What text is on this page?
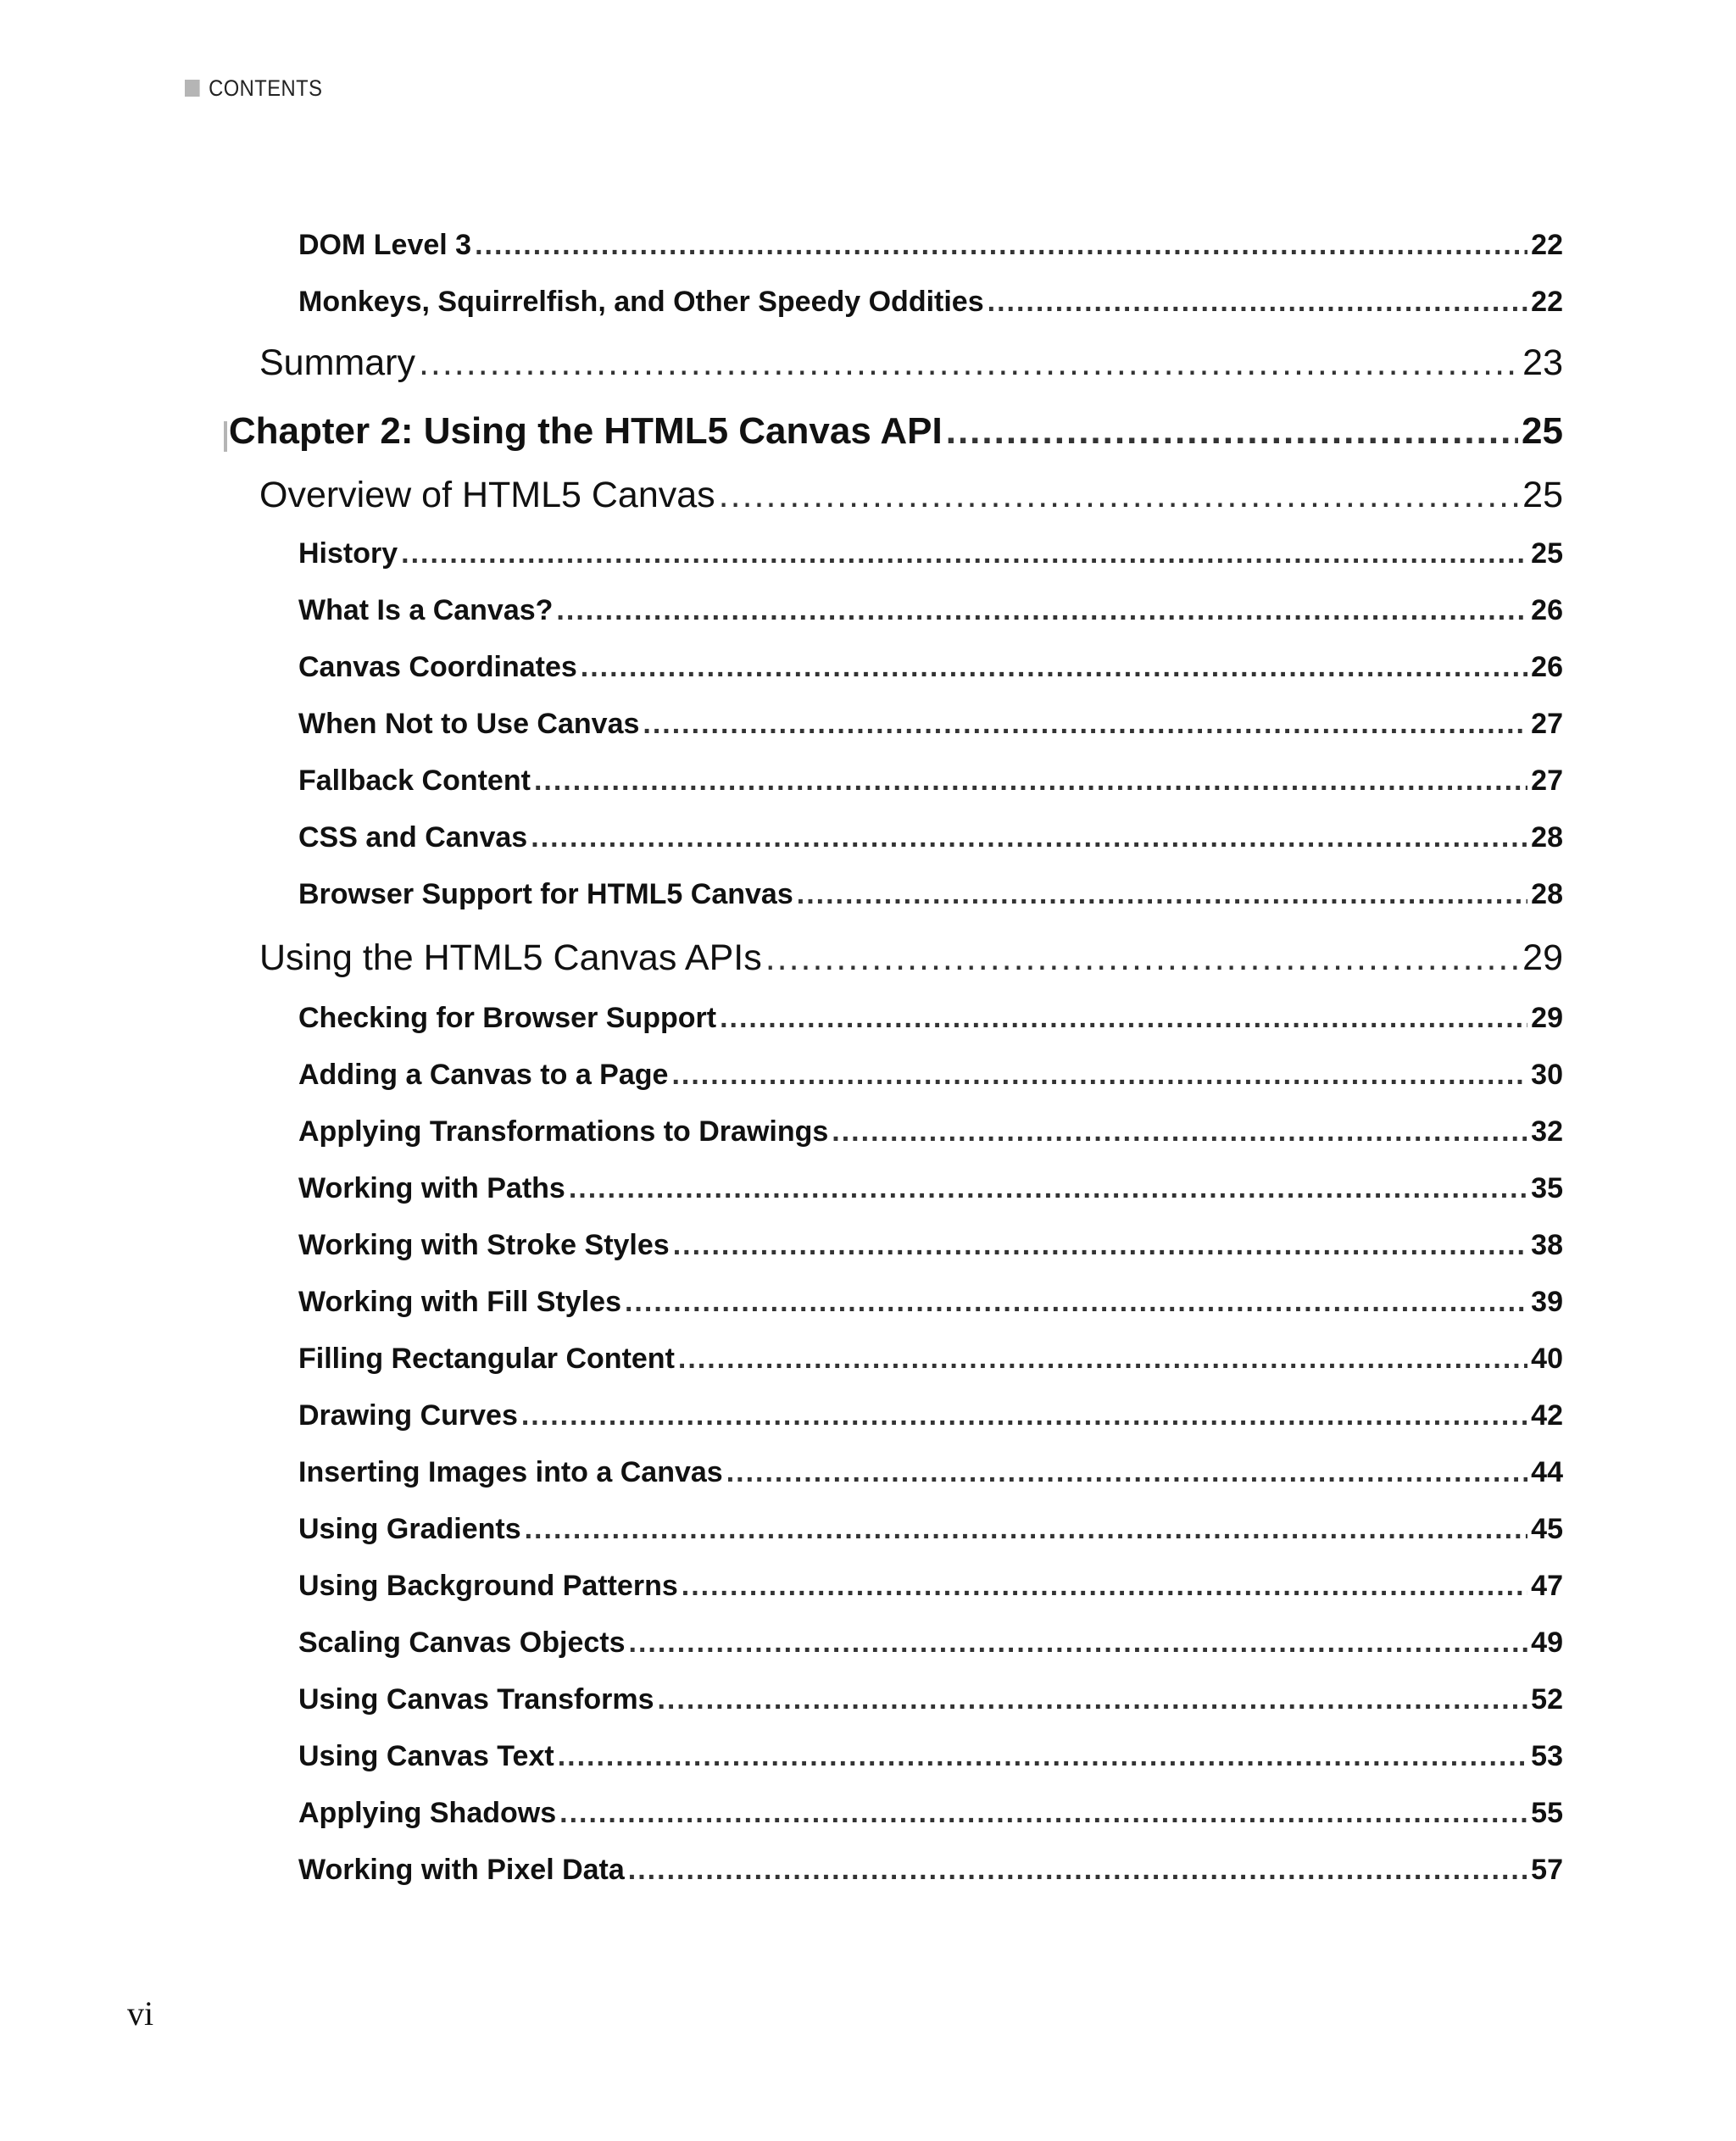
CONTENTS
DOM Level 3 .....	22
Monkeys, Squirrelfish, and Other Speedy Oddities .....	22
Summary .....	23
Chapter 2: Using the HTML5 Canvas API .....	25
Overview of HTML5 Canvas .....	25
History .....	25
What Is a Canvas? .....	26
Canvas Coordinates .....	26
When Not to Use Canvas .....	27
Fallback Content .....	27
CSS and Canvas .....	28
Browser Support for HTML5 Canvas .....	28
Using the HTML5 Canvas APIs .....	29
Checking for Browser Support .....	29
Adding a Canvas to a Page .....	30
Applying Transformations to Drawings .....	32
Working with Paths .....	35
Working with Stroke Styles .....	38
Working with Fill Styles .....	39
Filling Rectangular Content .....	40
Drawing Curves .....	42
Inserting Images into a Canvas .....	44
Using Gradients .....	45
Using Background Patterns .....	47
Scaling Canvas Objects .....	49
Using Canvas Transforms .....	52
Using Canvas Text .....	53
Applying Shadows .....	55
Working with Pixel Data .....	57
vi
